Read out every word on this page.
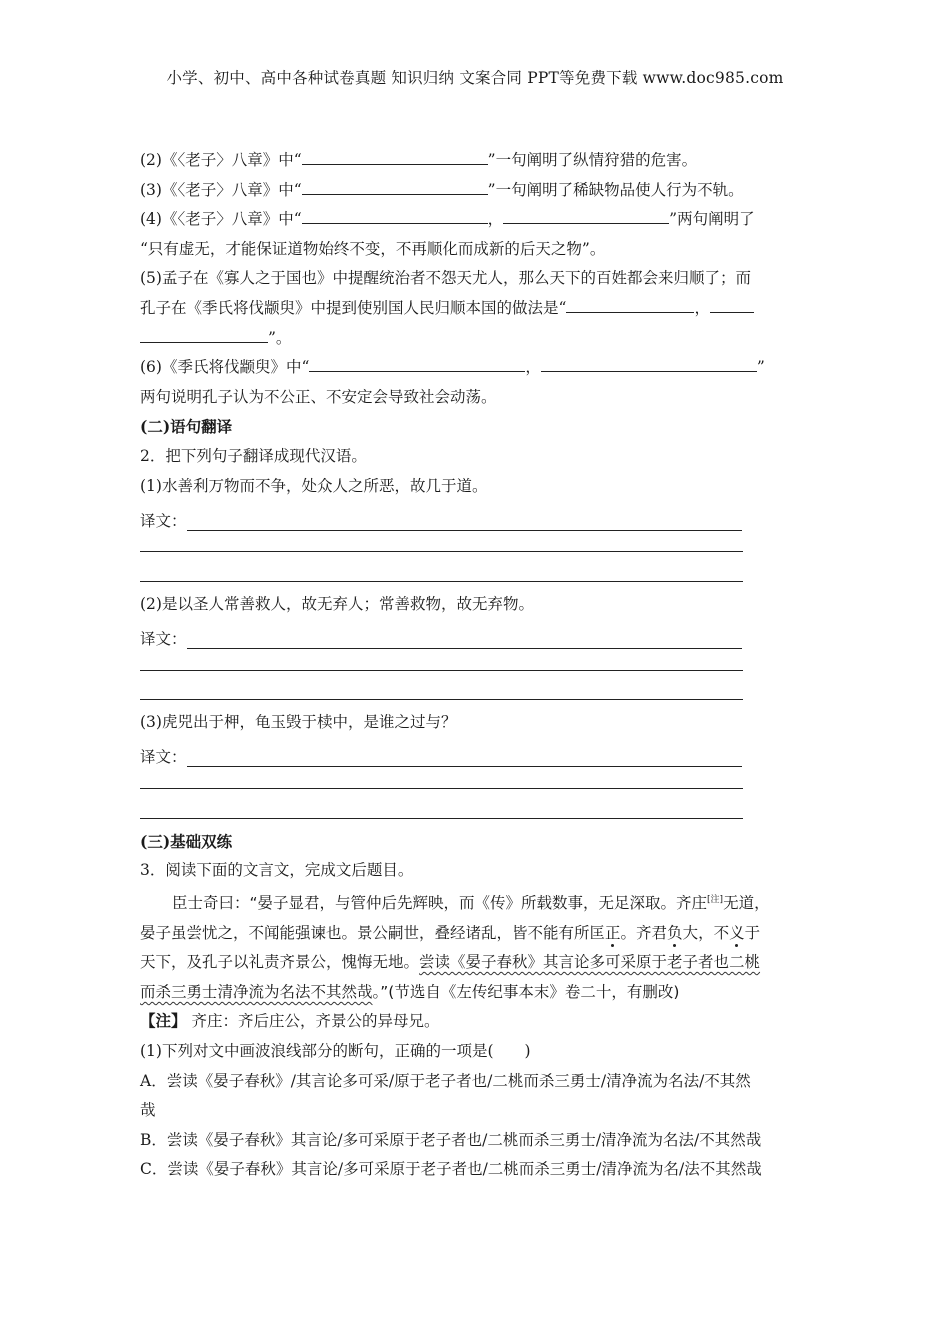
小学、初中、高中各种试卷真题 知识归纳 文案合同 PPT等免费下载 www.doc985.com
(2)《〈老子〉八章》中“	”一句阐明了纵情狩猎的危害。
(3)《〈老子〉八章》中“	”一句阐明了稀缺物品使人行为不轨。
(4)《〈老子〉八章》中“	，	”两句阐明了
“只有虚无，才能保证道物始终不变，不再顺化而成新的后天之物”。
(5)孟子在《寡人之于国也》中提醒统治者不怨天尤人，那么天下的百姓都会来归顺了；而
孔子在《季氏将伐颛臾》中提到使别国人民归顺本国的做法是“	，
”。
(6)《季氏将伐颛臾》中“	，	”
两句说明孔子认为不公正、不安定会导致社会动荡。
(二)语句翻译
2．把下列句子翻译成现代汉语。
(1)水善利万物而不争，处众人之所恶，故几于道。
译文：
(2)是以圣人常善救人，故无弃人；常善救物，故无弃物。
译文：
(3)虎兕出于柙，龟玉毁于椟中，是谁之过与？
译文：
(三)基础双练
3．阅读下面的文言文，完成文后题目。
臣士奇曰：“晏子显君，与管仲后先辉映，而《传》所载数事，无足深取。齐庄[注]无道，
晏子虽尝忧之，不闻能强谏也。景公嗣世，叠经诸乱，皆不能有所匡正。齐君负大，不义于
天下，及孔子以礼责齐景公，愧悔无地。尝读《晏子春秋》其言论多可采原于老子者也二桃
而杀三勇士清净流为名法不其然哉。”(节选自《左传纪事本末》卷二十，有删改)
【注】 齐庄：齐后庄公，齐景公的异母兄。
(1)下列对文中画波浪线部分的断句，正确的一项是(　　)
A．尝读《晏子春秋》/其言论多可采/原于老子者也/二桃而杀三勇士/清净流为名法/不其然
哉
B．尝读《晏子春秋》其言论/多可采原于老子者也/二桃而杀三勇士/清净流为名法/不其然哉
C．尝读《晏子春秋》其言论/多可采原于老子者也/二桃而杀三勇士/清净流为名/法不其然哉
